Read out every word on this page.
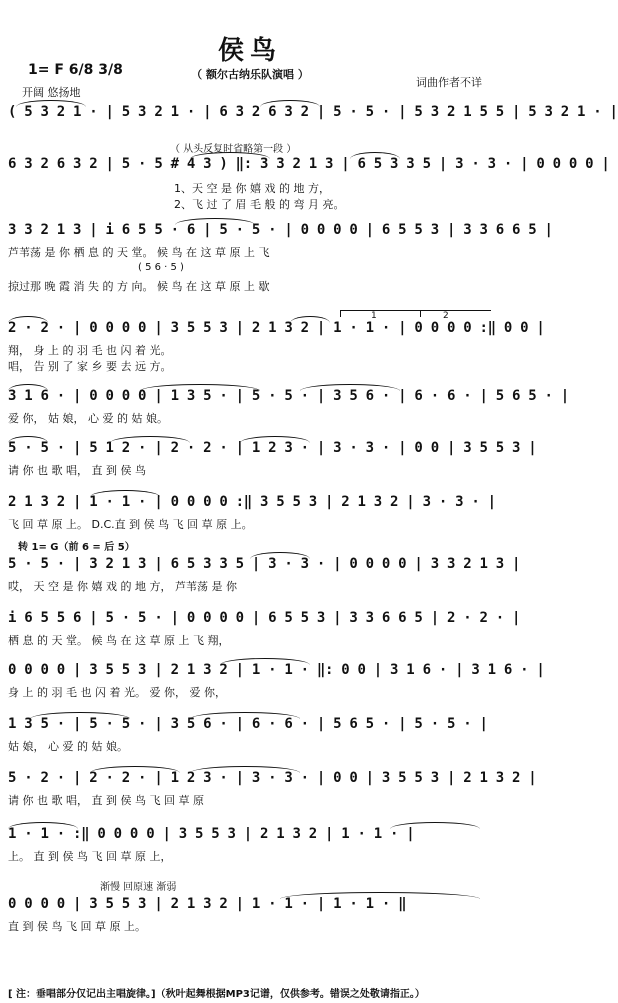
侯鸟
（ 额尔古纳乐队演唱 ）
1= F 6/8 3/8
开阔 悠扬地
词曲作者不详
( 5 3 2 1 · | 5 3 2 1 · | 6 3 2 6 3 2 | 5 · 5 · | 5 3 2 1 5 5 | 5 3 2 1 · |
（ 从头反复时省略第一段 ）
6 3 2 6 3 2 | 5 · 5 # 4 3 ) ‖: 3 3 2 1 3 | 6 5 3 3 5 | 3 · 3 · | 0 0 0 0 |
1、天 空 是 你 嬉 戏 的 地 方，
2、飞 过 了 眉 毛 般 的 弯 月 亮。
3 3 2 1 3 | i 6 5 5 · 6 | 5 · 5 · | 0 0 0 0 | 6 5 5 3 | 3 3 6 6 5 |
芦苇荡 是 你 栖 息 的 天 堂。 候 鸟 在 这 草 原 上 飞
( 5 6 · 5 )
掠过那 晚 霞 消 失 的 方 向。 候 鸟 在 这 草 原 上 歇
1	2
2 · 2 · | 0 0 0 0 | 3 5 5 3 | 2 1 3 2 | 1 · 1 · | 0 0 0 0 :‖ 0 0 |
翔， 身 上 的 羽 毛 也 闪 着 光。
唱， 告 别 了 家 乡 要 去 远 方。
3 1 6 · | 0 0 0 0 | 1 3 5 · | 5 · 5 · | 3 5 6 · | 6 · 6 · | 5 6 5 · |
爱 你， 姑 娘， 心 爱 的 姑 娘。
5 · 5 · | 5 1 2 · | 2 · 2 · | 1 2 3 · | 3 · 3 · | 0 0 | 3 5 5 3 |
请 你 也 歌 唱， 直 到 侯 鸟
2 1 3 2 | 1 · 1 · | 0 0 0 0 :‖ 3 5 5 3 | 2 1 3 2 | 3 · 3 · |
飞 回 草 原 上。 D.C.直 到 侯 鸟 飞 回 草 原 上。
转 1= G（前 6 = 后 5）
5 · 5 · | 3 2 1 3 | 6 5 3 3 5 | 3 · 3 · | 0 0 0 0 | 3 3 2 1 3 |
哎， 天 空 是 你 嬉 戏 的 地 方， 芦苇荡 是 你
i 6 5 5 6 | 5 · 5 · | 0 0 0 0 | 6 5 5 3 | 3 3 6 6 5 | 2 · 2 · |
栖 息 的 天 堂。 候 鸟 在 这 草 原 上 飞 翔，
0 0 0 0 | 3 5 5 3 | 2 1 3 2 | 1 · 1 · ‖: 0 0 | 3 1 6 · | 3 1 6 · |
身 上 的 羽 毛 也 闪 着 光。 爱 你， 爱 你，
1 3 5 · | 5 · 5 · | 3 5 6 · | 6 · 6 · | 5 6 5 · | 5 · 5 · |
姑 娘， 心 爱 的 姑 娘。
5 · 2 · | 2 · 2 · | 1 2 3 · | 3 · 3 · | 0 0 | 3 5 5 3 | 2 1 3 2 |
请 你 也 歌 唱， 直 到 侯 鸟 飞 回 草 原
1 · 1 · :‖ 0 0 0 0 | 3 5 5 3 | 2 1 3 2 | 1 · 1 · |
上。 直 到 侯 鸟 飞 回 草 原 上，
渐慢 回原速 渐弱
0 0 0 0 | 3 5 5 3 | 2 1 3 2 | 1 · 1 · | 1 · 1 · ‖
直 到 侯 鸟 飞 回 草 原 上。
[ 注：垂唱部分仅记出主唱旋律。]（秋叶起舞根据MP3记谱，仅供参考。错误之处敬请指正。）
